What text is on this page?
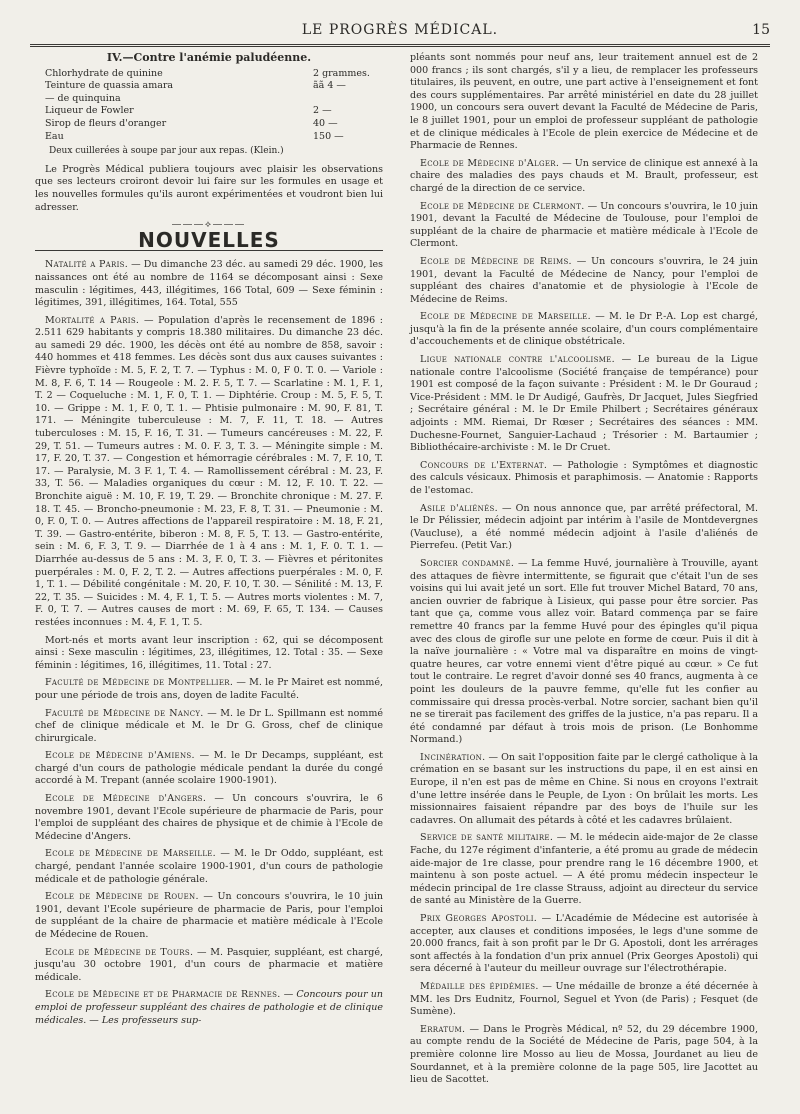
LE PROGRÈS MÉDICAL.	15
IV.—Contre l'anémie paludéenne.
Chlorhydrate de quinine	2 grammes.
Teinture de quassia amara	ãã 4 —
— de quinquina
Liqueur de Fowler	2 —
Sirop de fleurs d'oranger	40 —
Eau	150 —
Deux cuillerées à soupe par jour aux repas. (Klein.)

Le Progrès Médical publiera toujours avec plaisir les observations que ses lecteurs croiront devoir lui faire sur les formules en usage et les nouvelles formules qu'ils auront expérimentées et voudront bien lui adresser.

―――⟡―――
NOUVELLES

Natalité a Paris. — Du dimanche 23 déc. au samedi 29 déc. 1900, les naissances ont été au nombre de 1164 se décomposant ainsi : Sexe masculin : légitimes, 443, illégitimes, 166 Total, 609 — Sexe féminin : légitimes, 391, illégitimes, 164. Total, 555

Mortalité a Paris. — Population d'après le recensement de 1896 : 2.511 629 habitants y compris 18.380 militaires. Du dimanche 23 déc. au samedi 29 déc. 1900, les décès ont été au nombre de 858, savoir : 440 hommes et 418 femmes. Les décès sont dus aux causes suivantes : Fièvre typhoïde : M. 5, F. 2, T. 7. — Typhus : M. 0, F 0. T. 0. — Variole : M. 8, F. 6, T. 14 — Rougeole : M. 2. F. 5, T. 7. — Scarlatine : M. 1, F. 1, T. 2 — Coqueluche : M. 1, F. 0, T. 1. — Diphtérie. Croup : M. 5, F. 5, T. 10. — Grippe : M. 1, F. 0, T. 1. — Phtisie pulmonaire : M. 90, F. 81, T. 171. — Méningite tuberculeuse : M. 7, F. 11, T. 18. — Autres tuberculoses : M. 15, F. 16, T. 31. — Tumeurs cancéreuses : M. 22, F. 29, T. 51. — Tumeurs autres : M. 0. F. 3, T. 3. — Méningite simple : M. 17, F. 20, T. 37. — Congestion et hémorragie cérébrales : M. 7, F. 10, T. 17. — Paralysie, M. 3 F. 1, T. 4. — Ramollissement cérébral : M. 23, F. 33, T. 56. — Maladies organiques du cœur : M. 12, F. 10. T. 22. — Bronchite aiguë : M. 10, F. 19, T. 29. — Bronchite chronique : M. 27. F. 18. T. 45. — Broncho-pneumonie : M. 23, F. 8, T. 31. — Pneumonie : M. 0, F. 0, T. 0. — Autres affections de l'appareil respiratoire : M. 18, F. 21, T. 39. — Gastro-entérite, biberon : M. 8, F. 5, T. 13. — Gastro-entérite, sein : M. 6, F. 3, T. 9. — Diarrhée de 1 à 4 ans : M. 1, F. 0. T. 1. — Diarrhée au-dessus de 5 ans : M. 3, F. 0, T. 3. — Fièvres et péritonites puerpérales : M. 0, F. 2, T. 2. — Autres affections puerpérales : M. 0, F. 1, T. 1. — Débilité congénitale : M. 20, F. 10, T. 30. — Sénilité : M. 13, F. 22, T. 35. — Suicides : M. 4, F. 1, T. 5. — Autres morts violentes : M. 7, F. 0, T. 7. — Autres causes de mort : M. 69, F. 65, T. 134. — Causes restées inconnues : M. 4, F. 1, T. 5.

Mort-nés et morts avant leur inscription : 62, qui se décomposent ainsi : Sexe masculin : légitimes, 23, illégitimes, 12. Total : 35. — Sexe féminin : légitimes, 16, illégitimes, 11. Total : 27.

Faculté de Médecine de Montpellier. — M. le Pr Mairet est nommé, pour une période de trois ans, doyen de ladite Faculté.

Faculté de Médecine de Nancy. — M. le Dr L. Spillmann est nommé chef de clinique médicale et M. le Dr G. Gross, chef de clinique chirurgicale.

Ecole de Médecine d'Amiens. — M. le Dr Decamps, suppléant, est chargé d'un cours de pathologie médicale pendant la durée du congé accordé à M. Trepant (année scolaire 1900-1901).

Ecole de Médecine d'Angers. — Un concours s'ouvrira, le 6 novembre 1901, devant l'Ecole supérieure de pharmacie de Paris, pour l'emploi de suppléant des chaires de physique et de chimie à l'Ecole de Médecine d'Angers.

Ecole de Médecine de Marseille. — M. le Dr Oddo, suppléant, est chargé, pendant l'année scolaire 1900-1901, d'un cours de pathologie médicale et de pathologie générale.

Ecole de Médecine de Rouen. — Un concours s'ouvrira, le 10 juin 1901, devant l'Ecole supérieure de pharmacie de Paris, pour l'emploi de suppléant de la chaire de pharmacie et matière médicale à l'Ecole de Médecine de Rouen.

Ecole de Médecine de Tours. — M. Pasquier, suppléant, est chargé, jusqu'au 30 octobre 1901, d'un cours de pharmacie et matière médicale.

Ecole de Médecine et de Pharmacie de Rennes. — Concours pour un emploi de professeur suppléant des chaires de pathologie et de clinique médicales. — Les professeurs sup-

pléants sont nommés pour neuf ans, leur traitement annuel est de 2 000 francs ; ils sont chargés, s'il y a lieu, de remplacer les professeurs titulaires, ils peuvent, en outre, une part active à l'enseignement et font des cours supplémentaires. Par arrêté ministériel en date du 28 juillet 1900, un concours sera ouvert devant la Faculté de Médecine de Paris, le 8 juillet 1901, pour un emploi de professeur suppléant de pathologie et de clinique médicales à l'Ecole de plein exercice de Médecine et de Pharmacie de Rennes.

Ecole de Médecine d'Alger. — Un service de clinique est annexé à la chaire des maladies des pays chauds et M. Brault, professeur, est chargé de la direction de ce service.

Ecole de Médecine de Clermont. — Un concours s'ouvrira, le 10 juin 1901, devant la Faculté de Médecine de Toulouse, pour l'emploi de suppléant de la chaire de pharmacie et matière médicale à l'Ecole de Clermont.

Ecole de Médecine de Reims. — Un concours s'ouvrira, le 24 juin 1901, devant la Faculté de Médecine de Nancy, pour l'emploi de suppléant des chaires d'anatomie et de physiologie à l'Ecole de Médecine de Reims.

Ecole de Médecine de Marseille. — M. le Dr P.-A. Lop est chargé, jusqu'à la fin de la présente année scolaire, d'un cours complémentaire d'accouchements et de clinique obstétricale.

Ligue nationale contre l'alcoolisme. — Le bureau de la Ligue nationale contre l'alcoolisme (Société française de tempérance) pour 1901 est composé de la façon suivante : Président : M. le Dr Gouraud ; Vice-Président : MM. le Dr Audigé, Gaufrès, Dr Jacquet, Jules Siegfried ; Secrétaire général : M. le Dr Emile Philbert ; Secrétaires généraux adjoints : MM. Riemai, Dr Rœser ; Secrétaires des séances : MM. Duchesne-Fournet, Sanguier-Lachaud ; Trésorier : M. Bartaumier ; Bibliothécaire-archiviste : M. le Dr Cruet.

Concours de l'Externat. — Pathologie : Symptômes et diagnostic des calculs vésicaux. Phimosis et paraphimosis. — Anatomie : Rapports de l'estomac.

Asile d'aliénés. — On nous annonce que, par arrêté préfectoral, M. le Dr Pélissier, médecin adjoint par intérim à l'asile de Montdevergnes (Vaucluse), a été nommé médecin adjoint à l'asile d'aliénés de Pierrefeu. (Petit Var.)

Sorcier condamné. — La femme Huvé, journalière à Trouville, ayant des attaques de fièvre intermittente, se figurait que c'était l'un de ses voisins qui lui avait jeté un sort. Elle fut trouver Michel Batard, 70 ans, ancien ouvrier de fabrique à Lisieux, qui passe pour être sorcier. Pas tant que ça, comme vous allez voir. Batard commença par se faire remettre 40 francs par la femme Huvé pour des épingles qu'il piqua avec des clous de girofle sur une pelote en forme de cœur. Puis il dit à la naïve journalière : « Votre mal va disparaître en moins de vingt-quatre heures, car votre ennemi vient d'être piqué au cœur. » Ce fut tout le contraire. Le regret d'avoir donné ses 40 francs, augmenta à ce point les douleurs de la pauvre femme, qu'elle fut les confier au commissaire qui dressa procès-verbal. Notre sorcier, sachant bien qu'il ne se tirerait pas facilement des griffes de la justice, n'a pas reparu. Il a été condamné par défaut à trois mois de prison. (Le Bonhomme Normand.)

Incinération. — On sait l'opposition faite par le clergé catholique à la crémation en se basant sur les instructions du pape, il en est ainsi en Europe, il n'en est pas de même en Chine. Si nous en croyons l'extrait d'une lettre insérée dans le Peuple, de Lyon : On brûlait les morts. Les missionnaires faisaient répandre par des boys de l'huile sur les cadavres. On allumait des pétards à côté et les cadavres brûlaient.

Service de santé militaire. — M. le médecin aide-major de 2e classe Fache, du 127e régiment d'infanterie, a été promu au grade de médecin aide-major de 1re classe, pour prendre rang le 16 décembre 1900, et maintenu à son poste actuel. — A été promu médecin inspecteur le médecin principal de 1re classe Strauss, adjoint au directeur du service de santé au Ministère de la Guerre.

Prix Georges Apostoli. — L'Académie de Médecine est autorisée à accepter, aux clauses et conditions imposées, le legs d'une somme de 20.000 francs, fait à son profit par le Dr G. Apostoli, dont les arrérages sont affectés à la fondation d'un prix annuel (Prix Georges Apostoli) qui sera décerné à l'auteur du meilleur ouvrage sur l'électrothérapie.

Médaille des épidémies. — Une médaille de bronze a été décernée à MM. les Drs Eudnitz, Fournol, Seguel et Yvon (de Paris) ; Fesquet (de Sumène).

Erratum. — Dans le Progrès Médical, nº 52, du 29 décembre 1900, au compte rendu de la Société de Médecine de Paris, page 504, à la première colonne lire Mosso au lieu de Mossa, Jourdanet au lieu de Sourdannet, et à la première colonne de la page 505, lire Jacottet au lieu de Sacottet.
